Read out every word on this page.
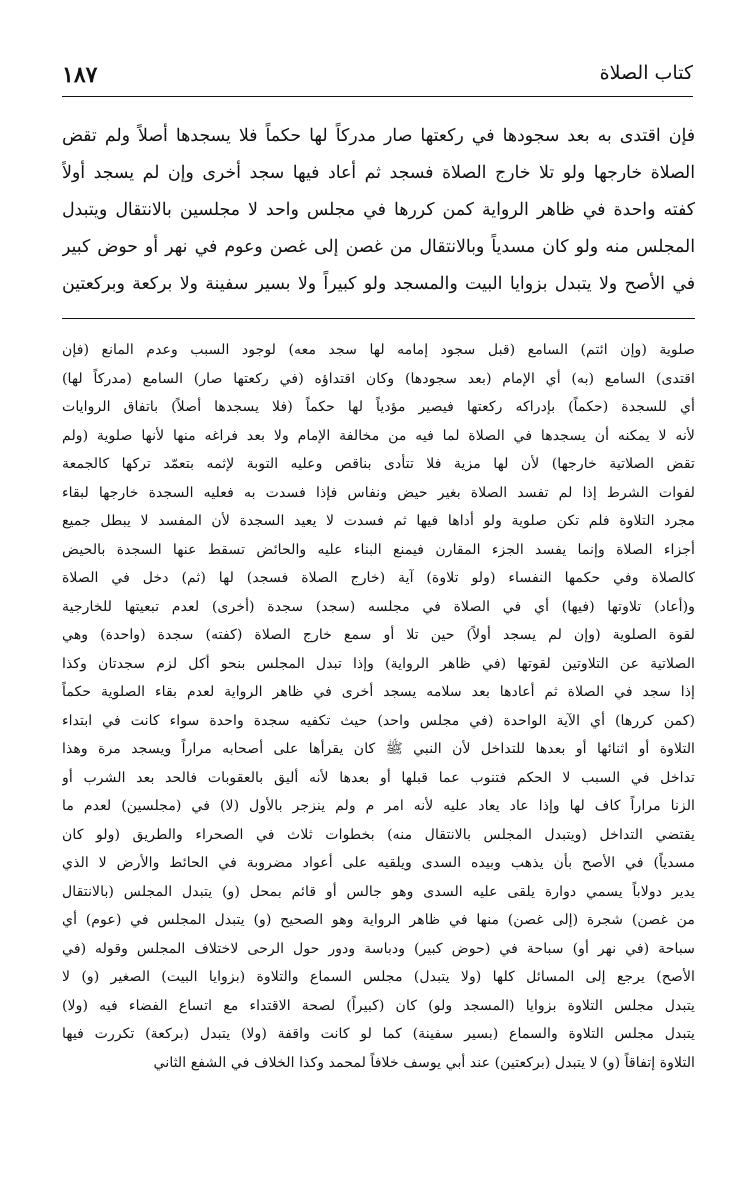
١٨٧	كتاب الصلاة
فإن اقتدى به بعد سجودها في ركعتها صار مدركاً لها حكماً فلا يسجدها أصلاً ولم تقض
الصلاة خارجها ولو تلا خارج الصلاة فسجد ثم أعاد فيها سجد أخرى وإن لم يسجد أولاً
كفته واحدة في ظاهر الرواية كمن كررها في مجلس واحد لا مجلسين بالانتقال ويتبدل
المجلس منه ولو كان مسدياً وبالانتقال من غصن إلى غصن وعوم في نهر أو حوض كبير
في الأصح ولا يتبدل بزوايا البيت والمسجد ولو كبيراً ولا بسير سفينة ولا بركعة وبركعتين
صلوية (وإن ائتم) السامع (قبل سجود إمامه لها سجد معه) لوجود السبب وعدم المانع (فإن
اقتدى) السامع (به) أي الإمام (بعد سجودها) وكان اقتداؤه (في ركعتها صار) السامع (مدركاً لها)
أي للسجدة (حكماً) بإدراكه ركعتها فيصير مؤدياً لها حكماً (فلا يسجدها أصلاً) باتفاق الروايات
لأنه لا يمكنه أن يسجدها في الصلاة لما فيه من مخالفة الإمام ولا بعد فراغه منها لأنها صلوية (ولم
تقض الصلاتية خارجها) لأن لها مزية فلا تتأدى بناقص وعليه التوبة لإثمه بتعمّد تركها كالجمعة
لفوات الشرط إذا لم تفسد الصلاة بغير حيض ونفاس فإذا فسدت به فعليه السجدة خارجها لبقاء
مجرد التلاوة فلم تكن صلوية ولو أداها فيها ثم فسدت لا يعيد السجدة لأن المفسد لا يبطل جميع
أجزاء الصلاة وإنما يفسد الجزء المقارن فيمنع البناء عليه والحائض تسقط عنها السجدة بالحيض
كالصلاة وفي حكمها النفساء (ولو تلاوة) آية (خارج الصلاة فسجد) لها (ثم) دخل في الصلاة
و(أعاد) تلاوتها (فيها) أي في الصلاة في مجلسه (سجد) سجدة (أخرى) لعدم تبعيتها للخارجية
لقوة الصلوية (وإن لم يسجد أولاً) حين تلا أو سمع خارج الصلاة (كفته) سجدة (واحدة) وهي
الصلاتية عن التلاوتين لقوتها (في ظاهر الرواية) وإذا تبدل المجلس بنحو أكل لزم سجدتان وكذا
إذا سجد في الصلاة ثم أعادها بعد سلامه يسجد أخرى في ظاهر الرواية لعدم بقاء الصلوية حكماً
(كمن كررها) أي الآية الواحدة (في مجلس واحد) حيث تكفيه سجدة واحدة سواء كانت في ابتداء
التلاوة أو اثنائها أو بعدها للتداخل لأن النبي ﷺ كان يقرأها على أصحابه مراراً ويسجد مرة وهذا
تداخل في السبب لا الحكم فتنوب عما قبلها أو بعدها لأنه أليق بالعقوبات فالحد بعد الشرب أو
الزنا مراراً كاف لها وإذا عاد يعاد عليه لأنه امر م ولم ينزجر بالأول (لا) في (مجلسين) لعدم ما
يقتضي التداخل (ويتبدل المجلس بالانتقال منه) بخطوات ثلاث في الصحراء والطريق (ولو كان
مسدياً) في الأصح بأن يذهب وبيده السدى ويلقيه على أعواد مضروبة في الحائط والأرض لا الذي
يدير دولاباً يسمي دوارة يلقى عليه السدى وهو جالس أو قائم بمحل (و) يتبدل المجلس (بالانتقال
من غصن) شجرة (إلى غصن) منها في ظاهر الرواية وهو الصحيح (و) يتبدل المجلس في (عوم) أي
سباحة (في نهر أو) سباحة في (حوض كبير) ودباسة ودور حول الرحى لاختلاف المجلس وقوله (في
الأصح) يرجع إلى المسائل كلها (ولا يتبدل) مجلس السماع والتلاوة (بزوايا البيت) الصغير (و) لا
يتبدل مجلس التلاوة بزوايا (المسجد ولو) كان (كبيراً) لصحة الاقتداء مع اتساع الفضاء فيه (ولا)
يتبدل مجلس التلاوة والسماع (بسير سفينة) كما لو كانت واقفة (ولا) يتبدل (بركعة) تكررت فيها
التلاوة إتفاقاً (و) لا يتبدل (بركعتين) عند أبي يوسف خلافاً لمحمد وكذا الخلاف في الشفع الثاني
